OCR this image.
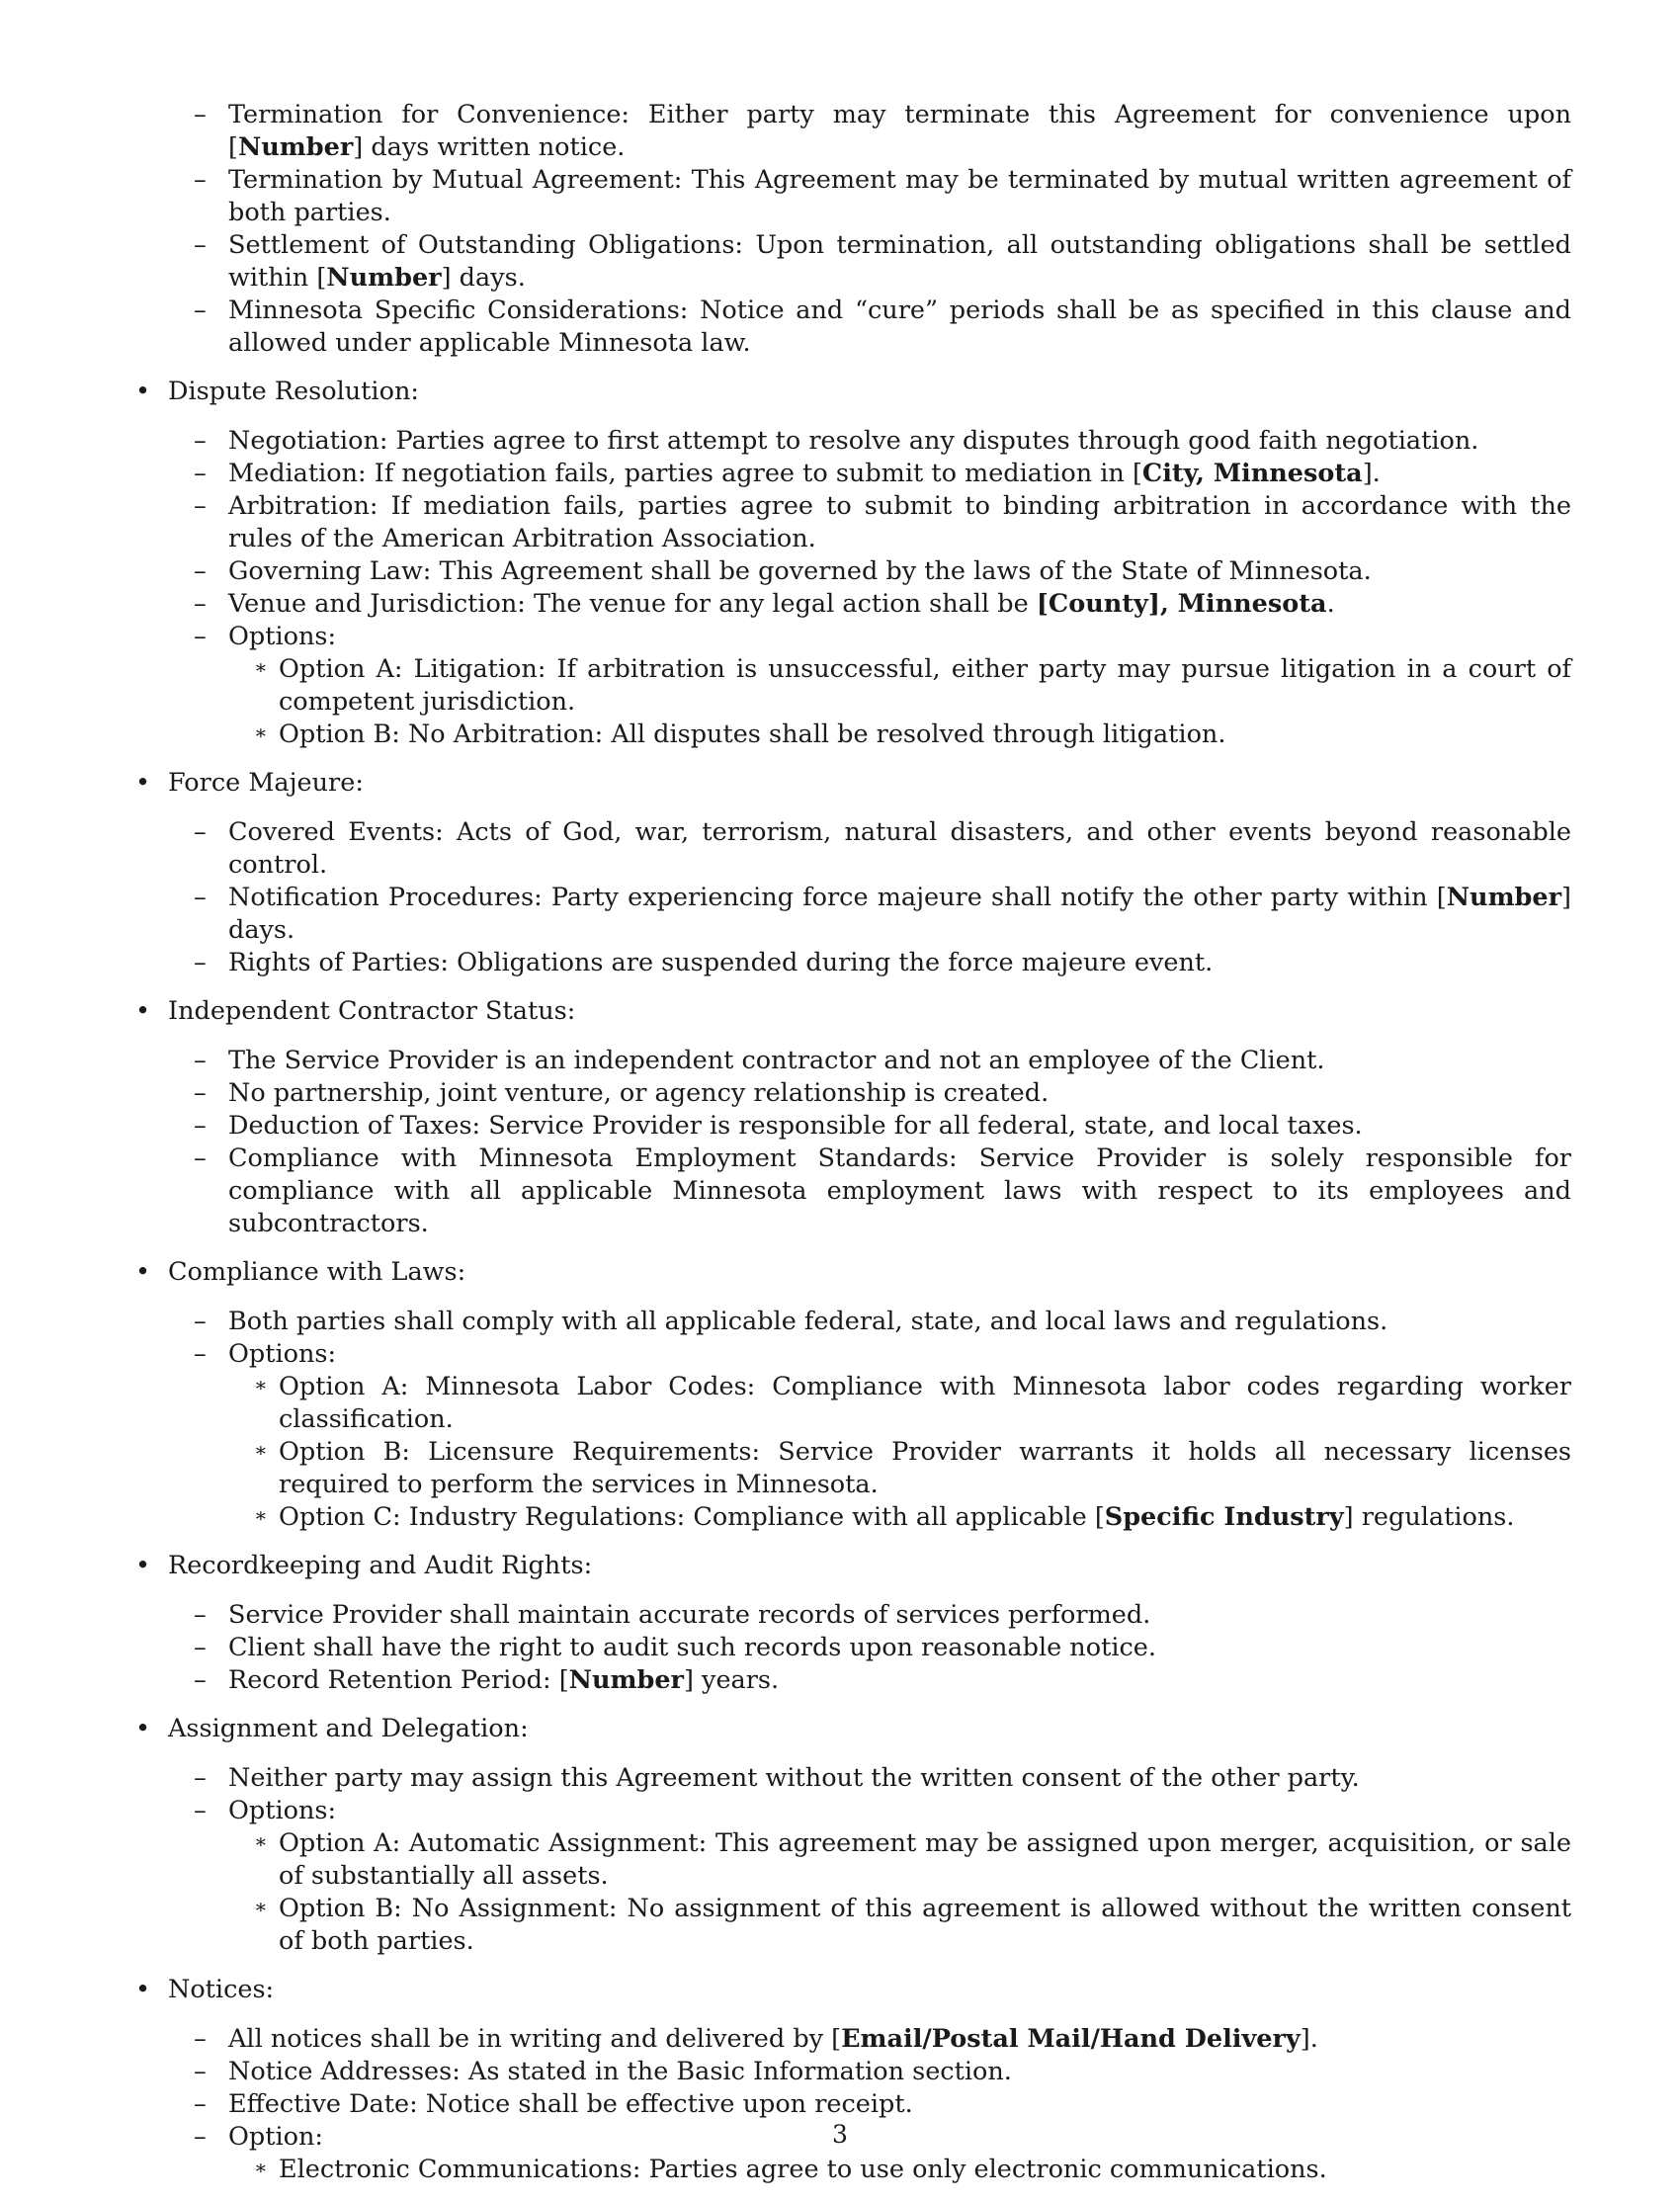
– Termination for Convenience: Either party may terminate this Agreement for convenience upon [Number] days written notice.
– Termination by Mutual Agreement: This Agreement may be terminated by mutual written agreement of both parties.
– Settlement of Outstanding Obligations: Upon termination, all outstanding obligations shall be settled within [Number] days.
– Minnesota Specific Considerations: Notice and “cure” periods shall be as specified in this clause and allowed under applicable Minnesota law.
• Dispute Resolution:
– Negotiation: Parties agree to first attempt to resolve any disputes through good faith negotiation.
– Mediation: If negotiation fails, parties agree to submit to mediation in [City, Minnesota].
– Arbitration: If mediation fails, parties agree to submit to binding arbitration in accordance with the rules of the American Arbitration Association.
– Governing Law: This Agreement shall be governed by the laws of the State of Minnesota.
– Venue and Jurisdiction: The venue for any legal action shall be [County], Minnesota.
– Options:
∗ Option A: Litigation: If arbitration is unsuccessful, either party may pursue litigation in a court of competent jurisdiction.
∗ Option B: No Arbitration: All disputes shall be resolved through litigation.
• Force Majeure:
– Covered Events: Acts of God, war, terrorism, natural disasters, and other events beyond reasonable control.
– Notification Procedures: Party experiencing force majeure shall notify the other party within [Number] days.
– Rights of Parties: Obligations are suspended during the force majeure event.
• Independent Contractor Status:
– The Service Provider is an independent contractor and not an employee of the Client.
– No partnership, joint venture, or agency relationship is created.
– Deduction of Taxes: Service Provider is responsible for all federal, state, and local taxes.
– Compliance with Minnesota Employment Standards: Service Provider is solely responsible for compliance with all applicable Minnesota employment laws with respect to its employees and subcontractors.
• Compliance with Laws:
– Both parties shall comply with all applicable federal, state, and local laws and regulations.
– Options:
∗ Option A: Minnesota Labor Codes: Compliance with Minnesota labor codes regarding worker classification.
∗ Option B: Licensure Requirements: Service Provider warrants it holds all necessary licenses required to perform the services in Minnesota.
∗ Option C: Industry Regulations: Compliance with all applicable [Specific Industry] regulations.
• Recordkeeping and Audit Rights:
– Service Provider shall maintain accurate records of services performed.
– Client shall have the right to audit such records upon reasonable notice.
– Record Retention Period: [Number] years.
• Assignment and Delegation:
– Neither party may assign this Agreement without the written consent of the other party.
– Options:
∗ Option A: Automatic Assignment: This agreement may be assigned upon merger, acquisition, or sale of substantially all assets.
∗ Option B: No Assignment: No assignment of this agreement is allowed without the written consent of both parties.
• Notices:
– All notices shall be in writing and delivered by [Email/Postal Mail/Hand Delivery].
– Notice Addresses: As stated in the Basic Information section.
– Effective Date: Notice shall be effective upon receipt.
– Option:
∗ Electronic Communications: Parties agree to use only electronic communications.
3
